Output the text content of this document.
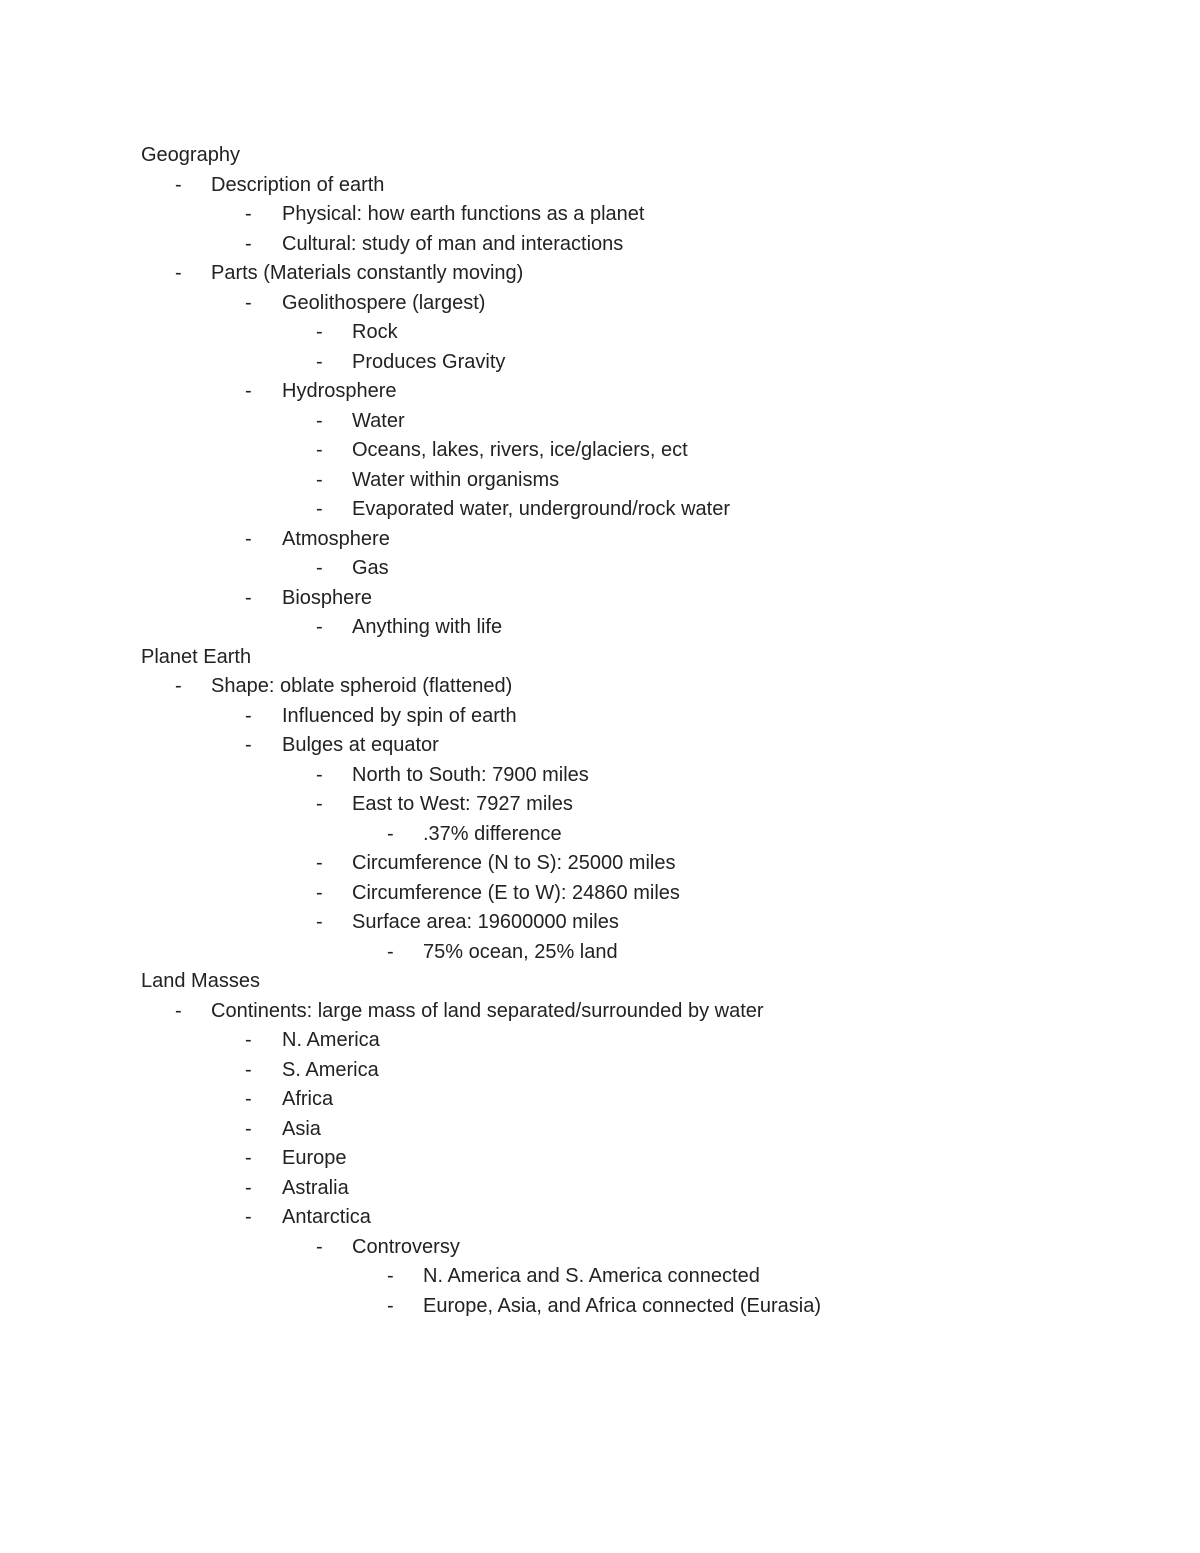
Geography
- Description of earth
- Physical: how earth functions as a planet
- Cultural: study of man and interactions
- Parts (Materials constantly moving)
- Geolithospere (largest)
- Rock
- Produces Gravity
- Hydrosphere
- Water
- Oceans, lakes, rivers, ice/glaciers, ect
- Water within organisms
- Evaporated water, underground/rock water
- Atmosphere
- Gas
- Biosphere
- Anything with life
Planet Earth
- Shape: oblate spheroid (flattened)
- Influenced by spin of earth
- Bulges at equator
- North to South: 7900 miles
- East to West: 7927 miles
- .37% difference
- Circumference (N to S): 25000 miles
- Circumference (E to W): 24860 miles
- Surface area: 19600000 miles
- 75% ocean, 25% land
Land Masses
- Continents: large mass of land separated/surrounded by water
- N. America
- S. America
- Africa
- Asia
- Europe
- Astralia
- Antarctica
- Controversy
- N. America and S. America connected
- Europe, Asia, and Africa connected (Eurasia)
